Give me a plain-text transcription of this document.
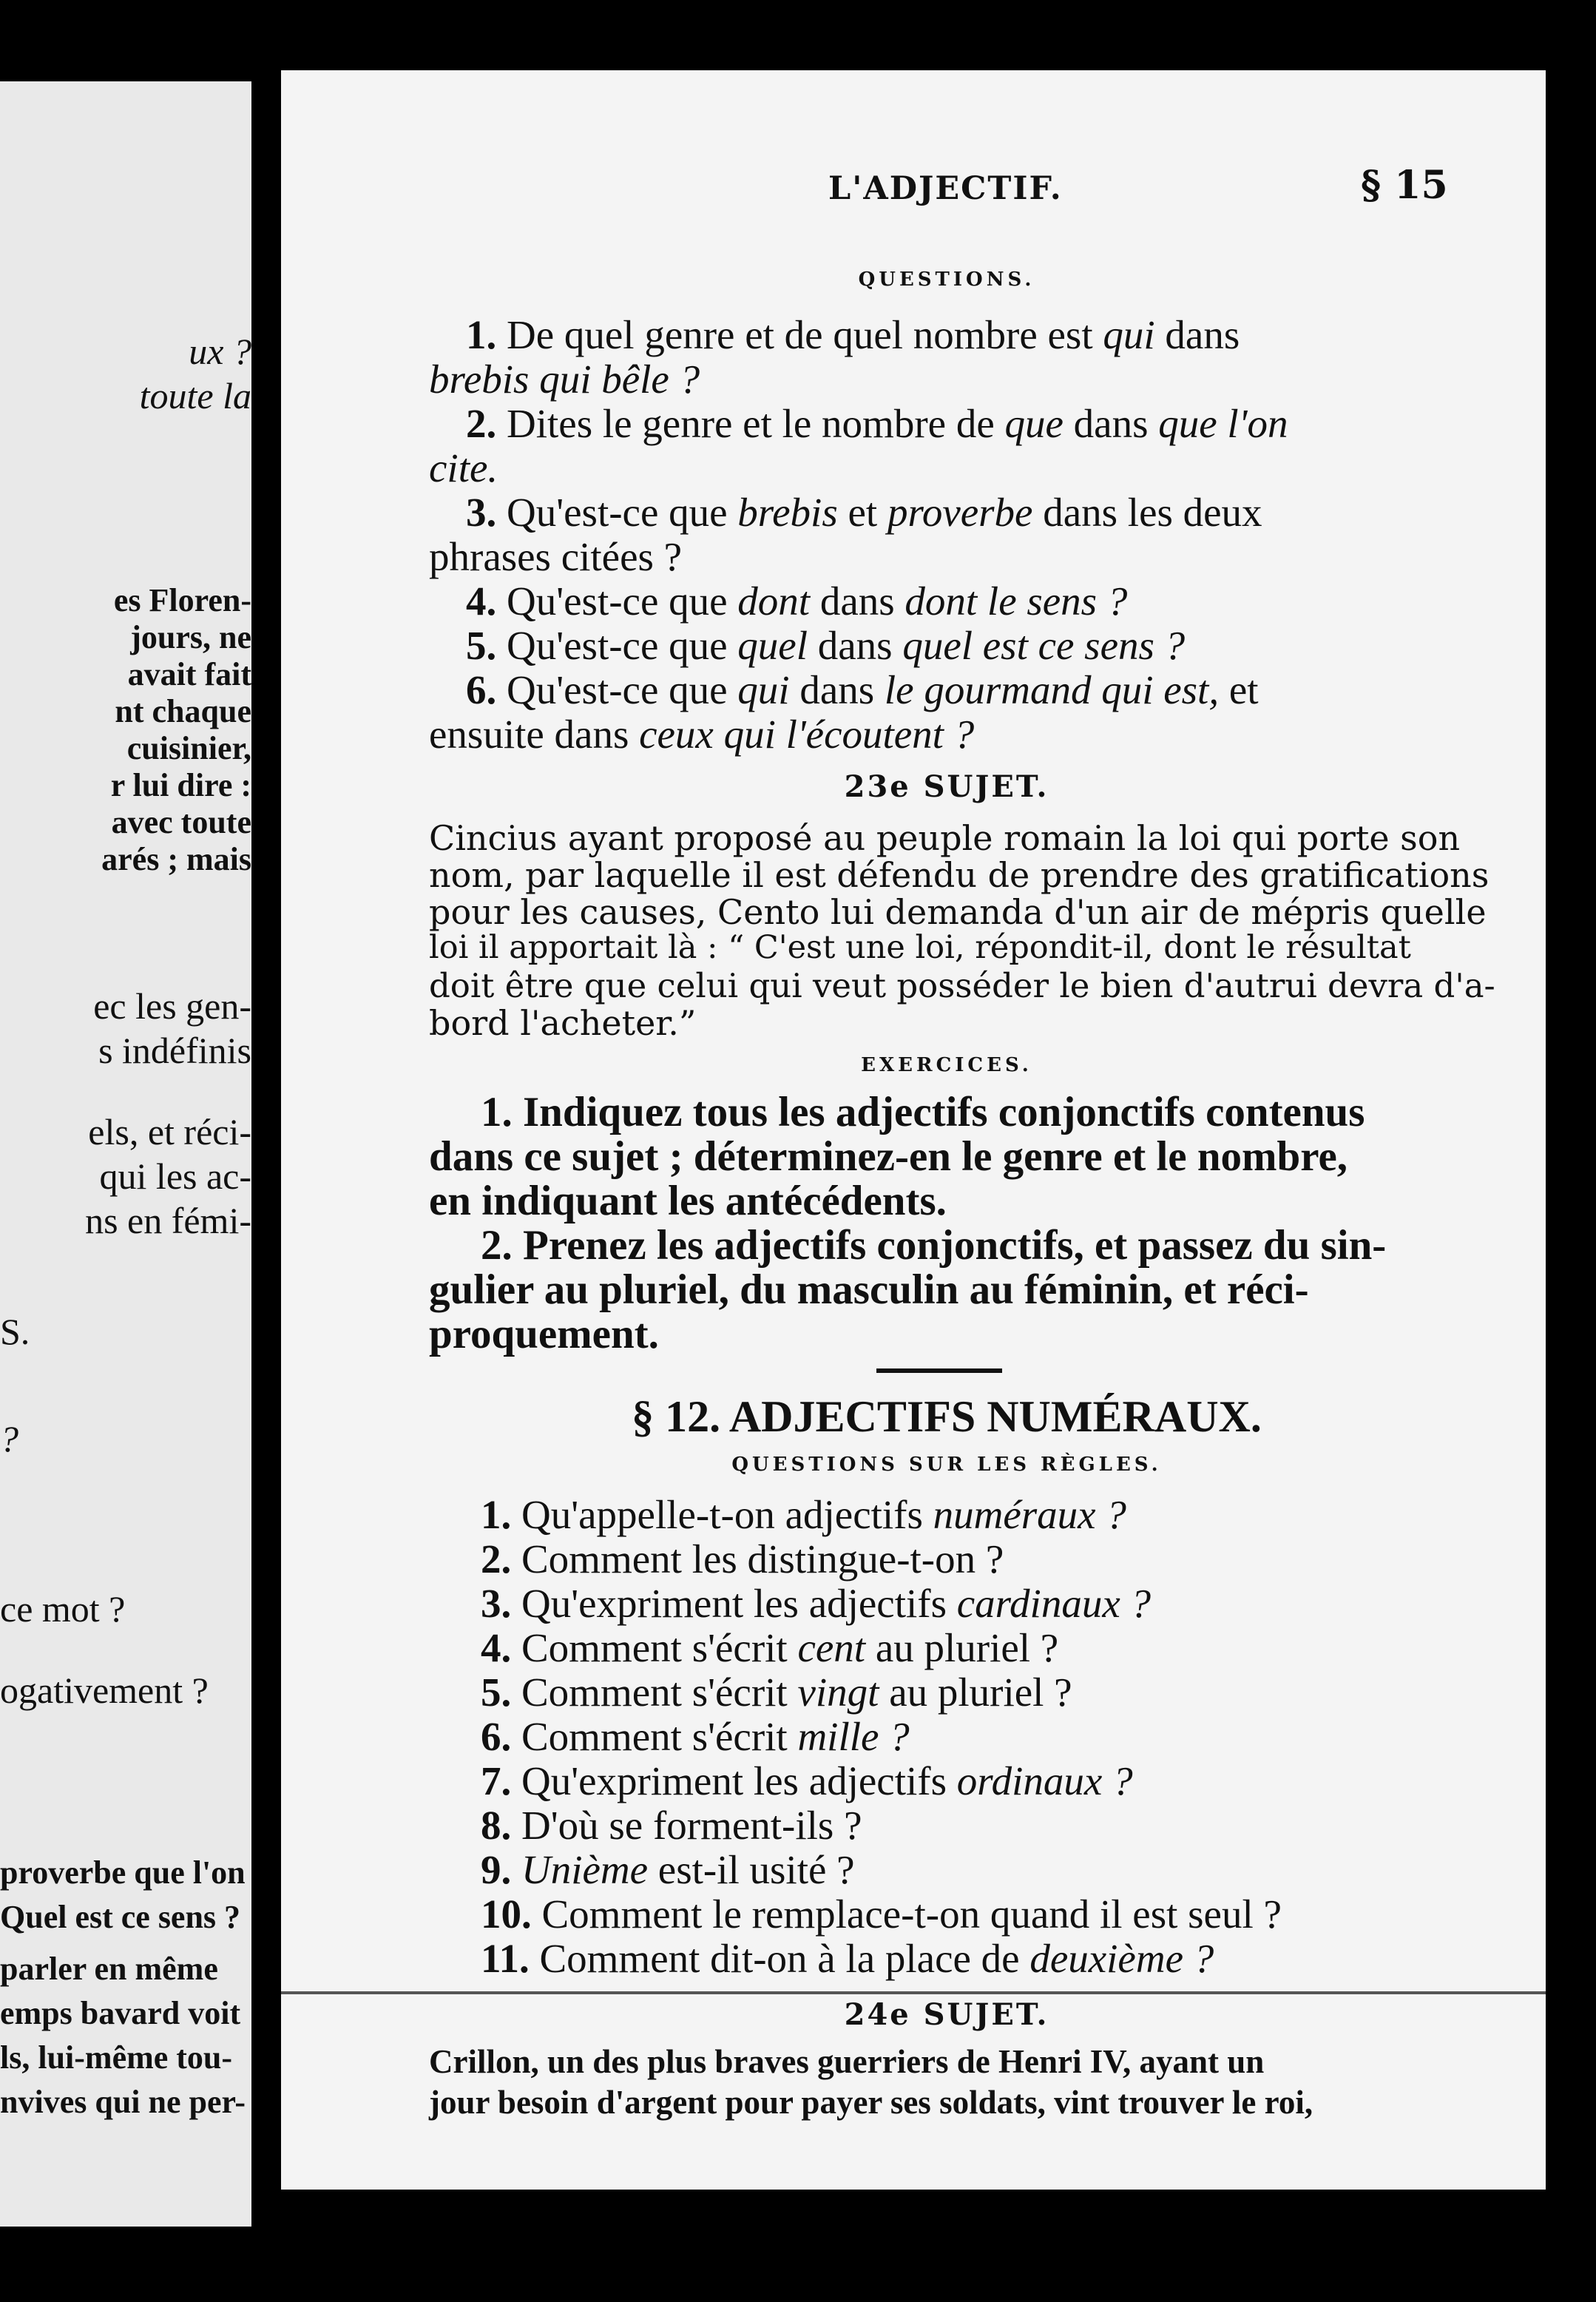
ux ?
toute la
es Floren-
jours, ne
avait fait
nt chaque
cuisinier,
r lui dire :
avec toute
arés ; mais
ec les gen-
s indéfinis
els, et réci-
qui les ac-
ns en fémi-
S.
?
ce mot ?
ogativement ?
proverbe que l'on
Quel est ce sens ?
parler en même
emps bavard voit
ls, lui-même tou-
nvives qui ne per-
L'ADJECTIF.	§ 15
QUESTIONS.
1. De quel genre et de quel nombre est qui dans
brebis qui bêle ?
2. Dites le genre et le nombre de que dans que l'on
cite.
3. Qu'est-ce que brebis et proverbe dans les deux
phrases citées ?
4. Qu'est-ce que dont dans dont le sens ?
5. Qu'est-ce que quel dans quel est ce sens ?
6. Qu'est-ce que qui dans le gourmand qui est, et
ensuite dans ceux qui l'écoutent ?
23e SUJET.
Cincius ayant proposé au peuple romain la loi qui porte son
nom, par laquelle il est défendu de prendre des gratifications
pour les causes, Cento lui demanda d'un air de mépris quelle
loi il apportait là : “ C'est une loi, répondit-il, dont le résultat
doit être que celui qui veut posséder le bien d'autrui devra d'a-
bord l'acheter.”
EXERCICES.
1. Indiquez tous les adjectifs conjonctifs contenus
dans ce sujet ; déterminez-en le genre et le nombre,
en indiquant les antécédents.
2. Prenez les adjectifs conjonctifs, et passez du sin-
gulier au pluriel, du masculin au féminin, et réci-
proquement.
§ 12. ADJECTIFS NUMÉRAUX.
QUESTIONS SUR LES RÈGLES.
1. Qu'appelle-t-on adjectifs numéraux ?
2. Comment les distingue-t-on ?
3. Qu'expriment les adjectifs cardinaux ?
4. Comment s'écrit cent au pluriel ?
5. Comment s'écrit vingt au pluriel ?
6. Comment s'écrit mille ?
7. Qu'expriment les adjectifs ordinaux ?
8. D'où se forment-ils ?
9. Unième est-il usité ?
10. Comment le remplace-t-on quand il est seul ?
11. Comment dit-on à la place de deuxième ?
24e SUJET.
Crillon, un des plus braves guerriers de Henri IV, ayant un
jour besoin d'argent pour payer ses soldats, vint trouver le roi,
